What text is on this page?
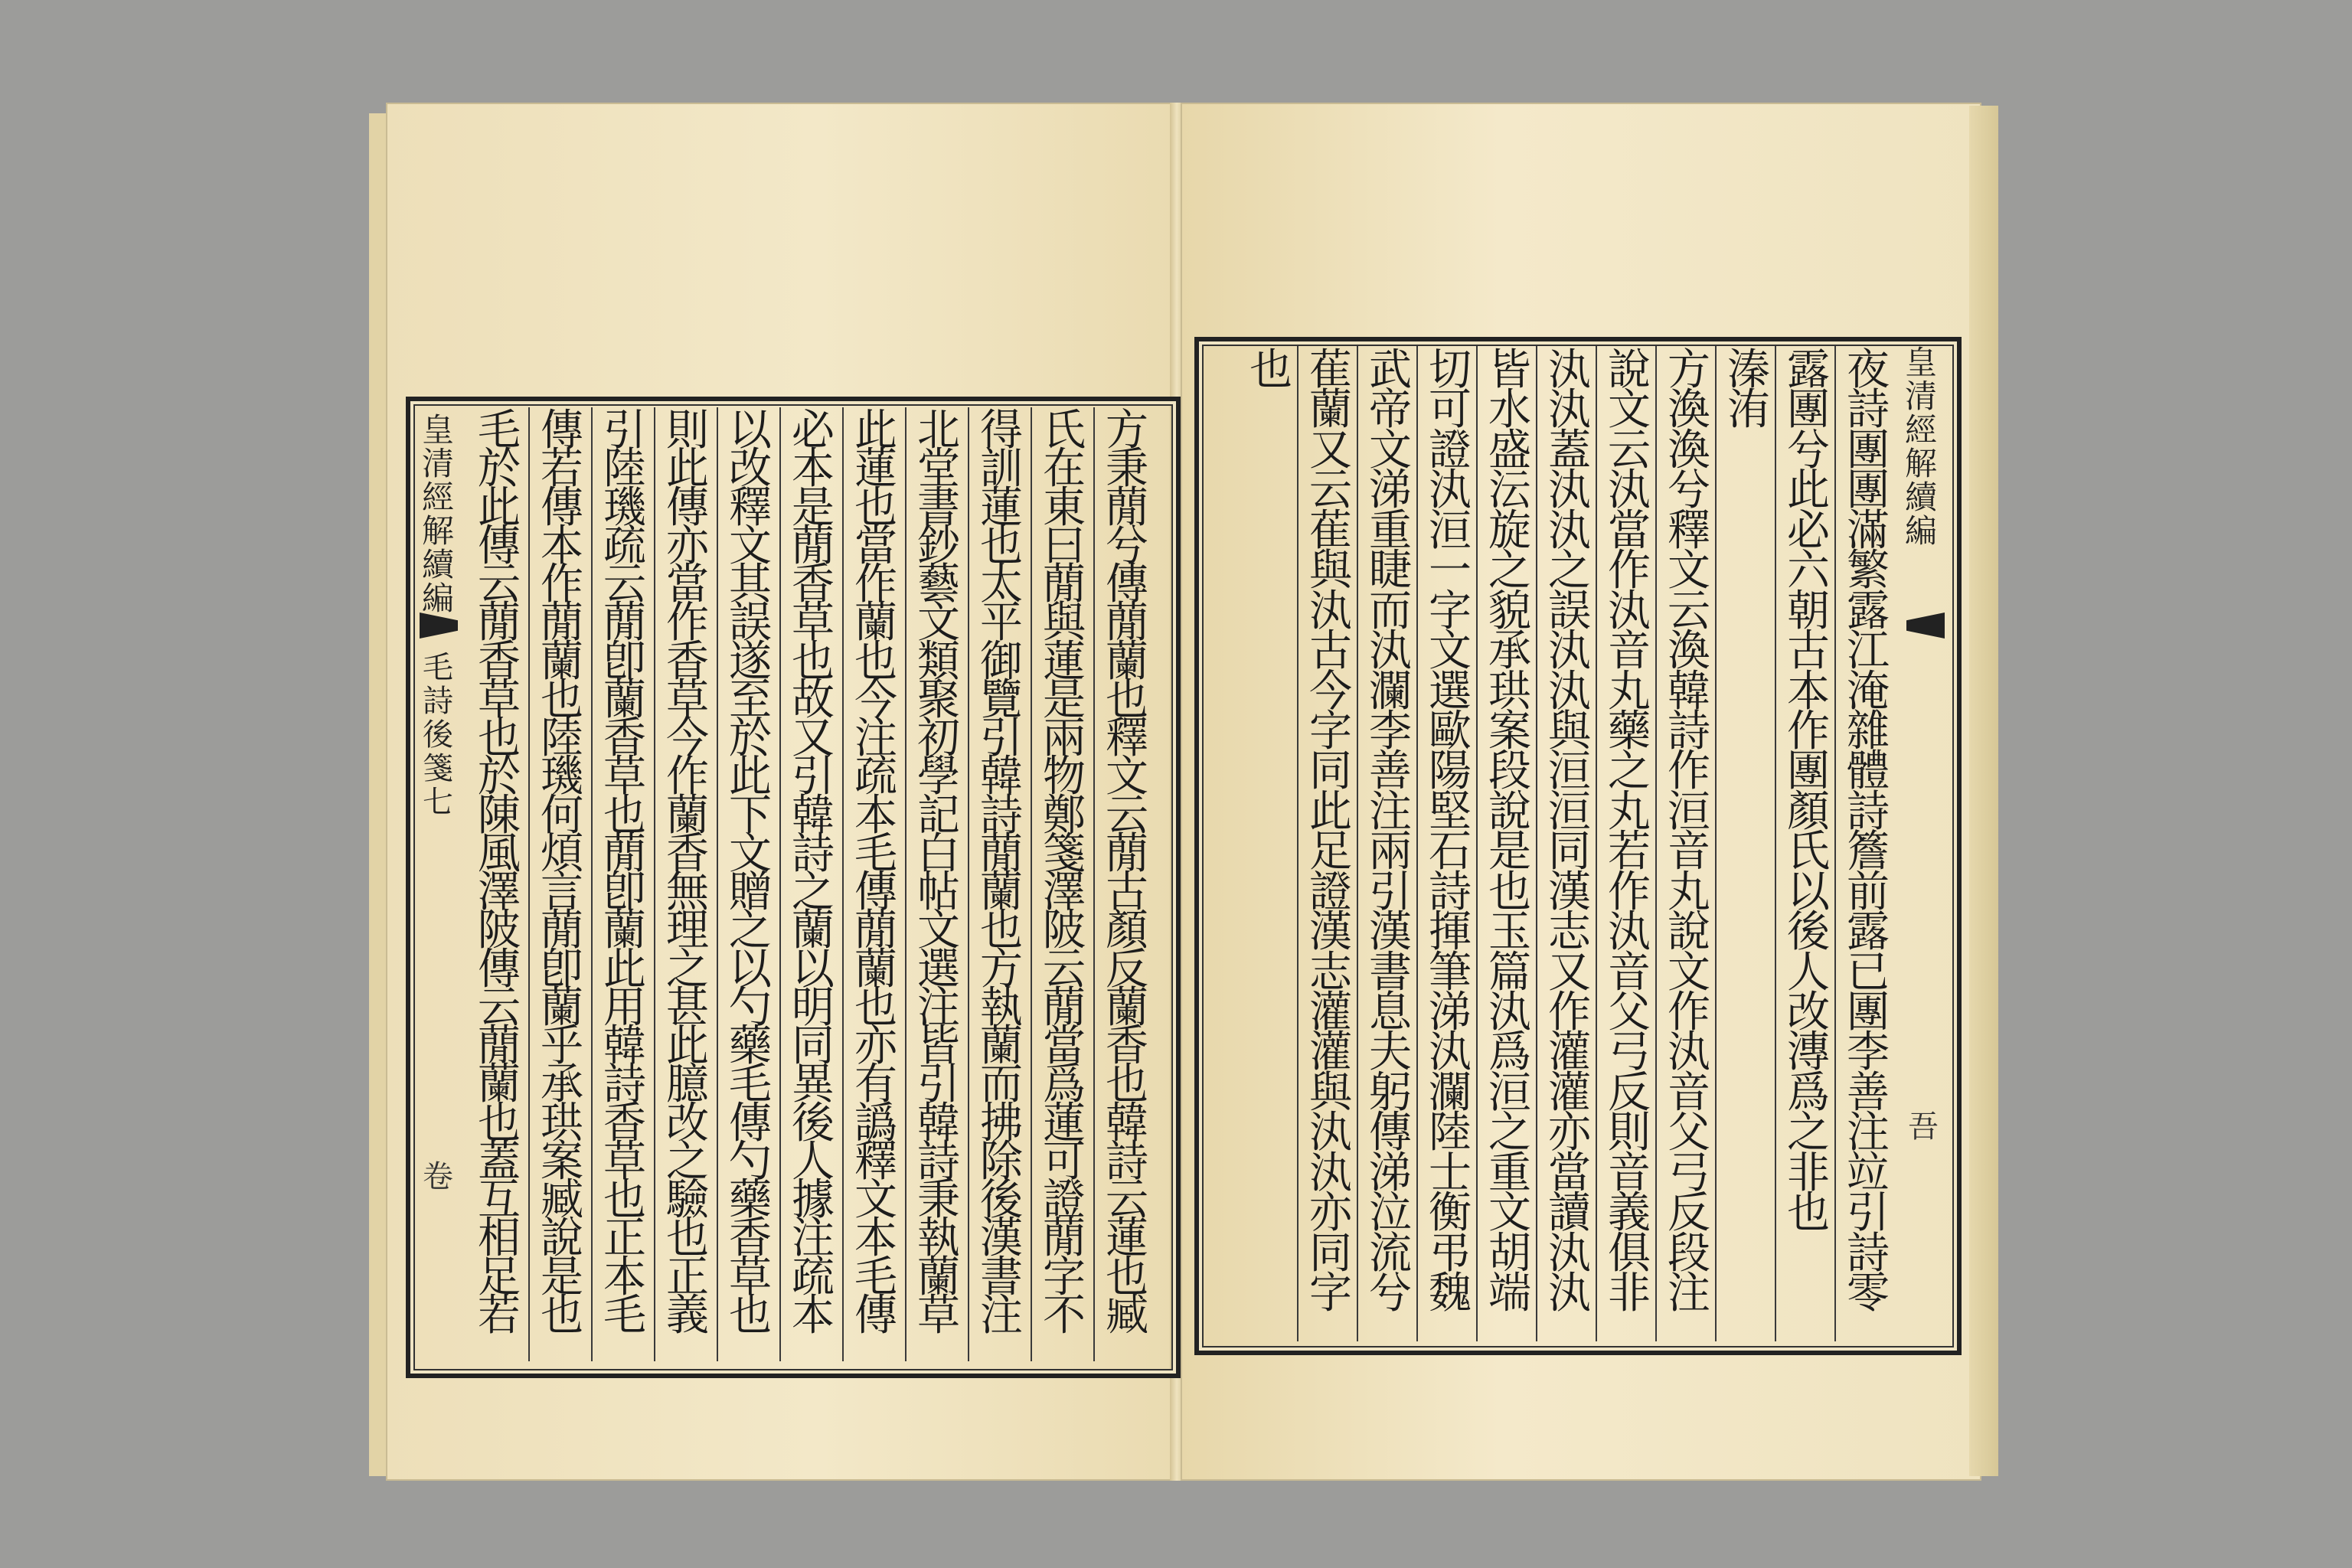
方秉蕑兮傳蕑蘭也釋文云蕑古顏反蘭香也韓詩云蓮也臧
氏在東曰蕑與蓮是兩物鄭箋澤陂云蕑當爲蓮可證蕑字不
得訓蓮也太平御覽引韓詩蕑蘭也方執蘭而拂除後漢書注
北堂書鈔藝文類聚初學記白帖文選注皆引韓詩秉執蘭草
此蓮也當作蘭也今注疏本毛傳蕑蘭也亦有譌釋文本毛傳
必本是蕑香草也故又引韓詩之蘭以明同異後人據注疏本
以改釋文其誤遂至於此下文贈之以勺藥毛傳勺藥香草也
則此傳亦當作香草今作蘭香無理之甚此臆改之驗也正義
引陸璣疏云蕑卽蘭香草也蕑卽蘭此用韓詩香草也正本毛
傳若傳本作蕑蘭也陸璣何煩言蕑卽蘭乎承珙案臧說是也
毛於此傳云蕑香草也於陳風澤陂傳云蕑蘭也蓋互相足若
皇清經解續編
毛詩後箋七
卷
夜詩團團滿繁露江淹雜體詩簷前露已團李善注竝引詩零
露團兮此必六朝古本作團顏氏以後人改漙爲之非也
溱洧
方渙渙兮釋文云渙韓詩作洹音丸說文作汍音父弓反段注
說文云汍當作汍音丸藥之丸若作汍音父弓反則音義俱非
汍汍蓋汍汍之誤汍汍與洹洹同漢志又作灌灌亦當讀汍汍
皆水盛沄旋之貌承珙案段說是也玉篇汍爲洹之重文胡端
切可證汍洹一字文選歐陽堅石詩揮筆涕汍瀾陸士衡弔魏
武帝文涕重睫而汍瀾李善注兩引漢書息夫躬傳涕泣流兮
萑蘭又云萑與汍古今字同此足證漢志灌灌與汍汍亦同字
也	皇清經解續編
吾
